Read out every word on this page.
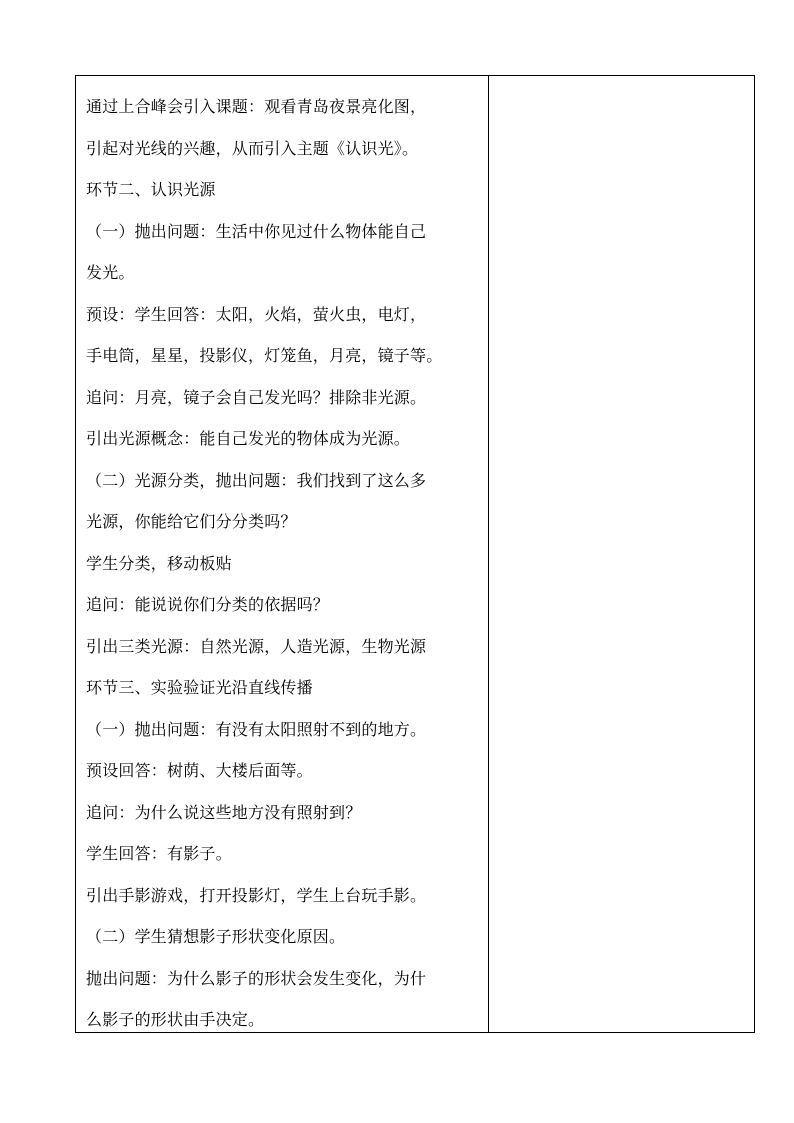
通过上合峰会引入课题：观看青岛夜景亮化图，
引起对光线的兴趣，从而引入主题《认识光》。
环节二、认识光源
（一）抛出问题：生活中你见过什么物体能自己
发光。
预设：学生回答：太阳，火焰，萤火虫，电灯，
手电筒，星星，投影仪，灯笼鱼，月亮，镜子等。
追问：月亮，镜子会自己发光吗？排除非光源。
引出光源概念：能自己发光的物体成为光源。
（二）光源分类，抛出问题：我们找到了这么多
光源，你能给它们分分类吗？
学生分类，移动板贴
追问：能说说你们分类的依据吗？
引出三类光源：自然光源，人造光源，生物光源
环节三、实验验证光沿直线传播
（一）抛出问题：有没有太阳照射不到的地方。
预设回答：树荫、大楼后面等。
追问：为什么说这些地方没有照射到？
学生回答：有影子。
引出手影游戏，打开投影灯，学生上台玩手影。
（二）学生猜想影子形状变化原因。
抛出问题：为什么影子的形状会发生变化，为什
么影子的形状由手决定。
